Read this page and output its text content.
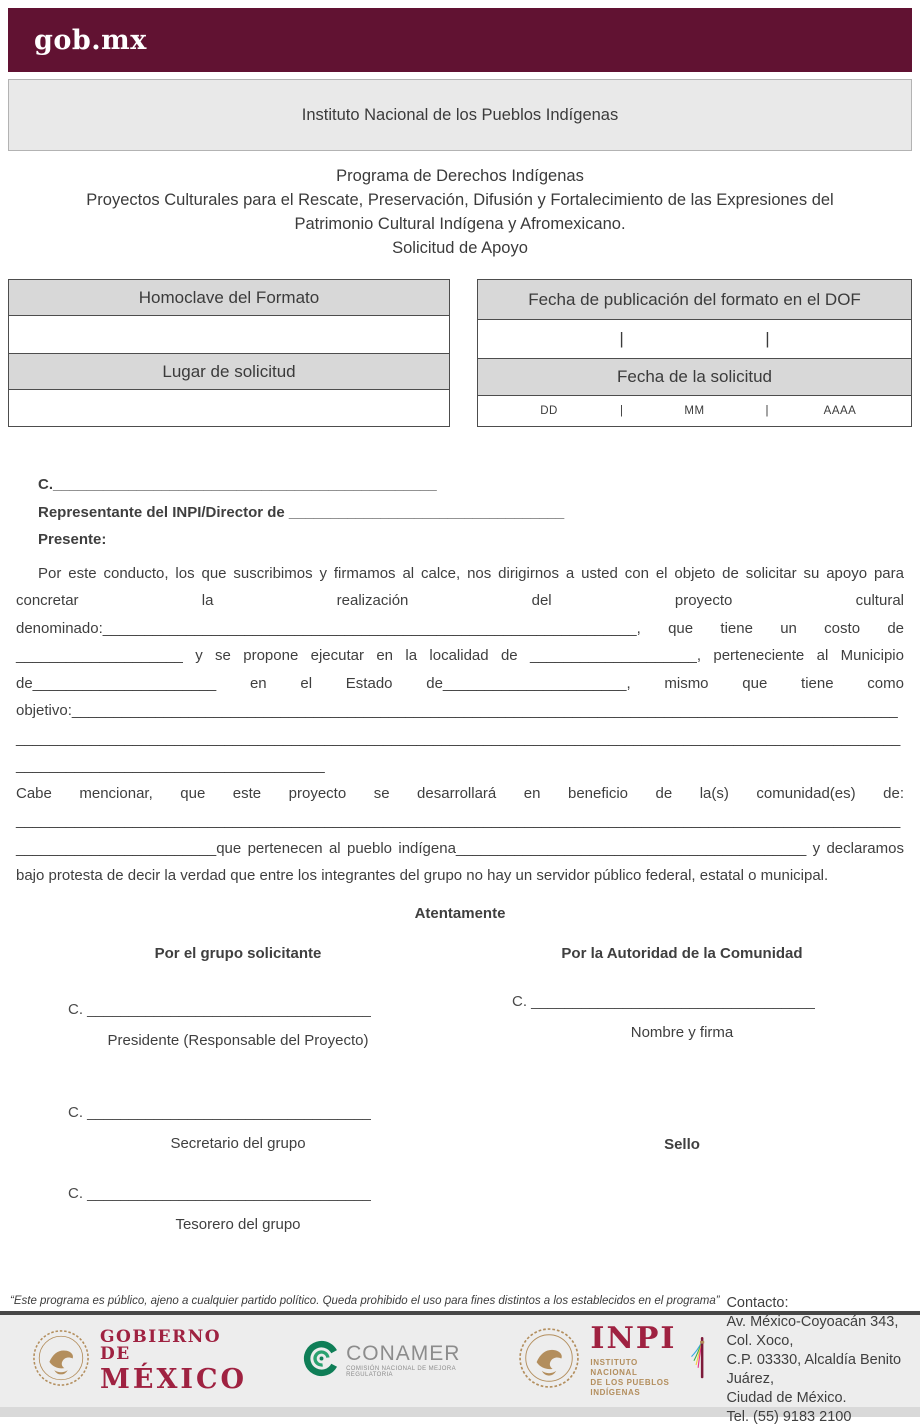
gob.mx
Instituto Nacional de los Pueblos Indígenas
Programa de Derechos Indígenas
Proyectos Culturales para el Rescate, Preservación, Difusión y Fortalecimiento de las Expresiones del Patrimonio Cultural Indígena y Afromexicano.
Solicitud de Apoyo
Homoclave del Formato

Lugar de solicitud

Fecha de publicación del formato en el DOF

|	|

Fecha de la solicitud

DD	|	MM	|	AAAA
C.______________________________________________
Representante del INPI/Director de _________________________________
Presente:

Por este conducto, los que suscribimos y firmamos al calce, nos dirigirnos a usted con el objeto de solicitar su apoyo para concretar la realización del proyecto cultural denominado:________________________________________________________________, que tiene un costo de ____________________ y se propone ejecutar en la localidad de ____________________, perteneciente al Municipio de______________________ en el Estado de______________________, mismo que tiene como objetivo:__________________________________________________________________________________________________________________________________________________________________________________________________________________________________________________

Cabe mencionar, que este proyecto se desarrollará en beneficio de la(s) comunidad(es) de: __________________________________________________________________________________________________________________________________que pertenecen al pueblo indígena__________________________________________ y declaramos bajo protesta de decir la verdad que entre los integrantes del grupo no hay un servidor público federal, estatal o municipal.

Atentamente
Por el grupo solicitante	Por la Autoridad de la Comunidad
C. __________________________________
Presidente (Responsable del Proyecto)
C. __________________________________
Secretario del grupo
C. __________________________________
Tesorero del grupo
C. __________________________________
Nombre y firma
Sello
“Este programa es público, ajeno a cualquier partido político. Queda prohibido el uso para fines distintos a los establecidos en el programa”
GOBIERNO DE
MÉXICO
CONAMER
COMISIÓN NACIONAL DE MEJORA REGULATORIA
INPI
INSTITUTO NACIONAL
DE LOS PUEBLOS
INDÍGENAS
Contacto:
Av. México-Coyoacán 343, Col. Xoco,
C.P. 03330, Alcaldía Benito Juárez,
Ciudad de México.
Tel. (55) 9183 2100
